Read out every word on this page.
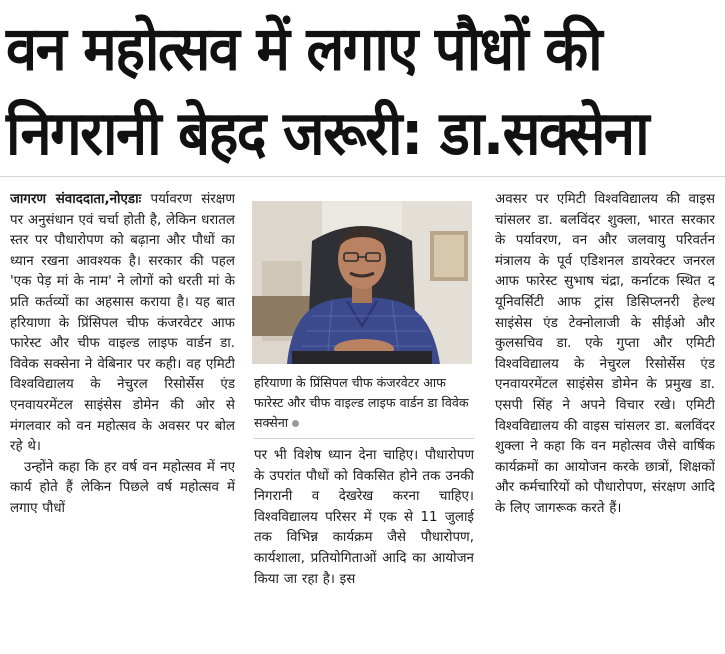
वन महोत्सव में लगाए पौधों की
निगरानी बेहद जरूरी: डा.सक्सेना

जागरण संवाददाता,नोएडाः पर्यावरण संरक्षण पर अनुसंधान एवं चर्चा होती है, लेकिन धरातल स्तर पर पौधारोपण को बढ़ाना और पौधों का ध्यान रखना आवश्यक है। सरकार की पहल 'एक पेड़ मां के नाम' ने लोगों को धरती मां के प्रति कर्तव्यों का अहसास कराया है। यह बात हरियाणा के प्रिंसिपल चीफ कंजरवेटर आफ फारेस्ट और चीफ वाइल्ड लाइफ वार्डन डा. विवेक सक्सेना ने वेबिनार पर कही। वह एमिटी विश्वविद्यालय के नेचुरल रिसोर्सेस एंड एनवायरमेंटल साइंसेस डोमेन की ओर से मंगलवार को वन महोत्सव के अवसर पर बोल रहे थे।

उन्होंने कहा कि हर वर्ष वन महोत्सव में नए कार्य होते हैं लेकिन पिछले वर्ष महोत्सव में लगाए पौधों

हरियाणा के प्रिंसिपल चीफ कंजरवेटर आफ फारेस्ट और चीफ वाइल्ड लाइफ वार्डन डा विवेक सक्सेना

पर भी विशेष ध्यान देना चाहिए। पौधारोपण के उपरांत पौधों को विकसित होने तक उनकी निगरानी व देखरेख करना चाहिए। विश्वविद्यालय परिसर में एक से 11 जुलाई तक विभिन्न कार्यक्रम जैसे पौधारोपण, कार्यशाला, प्रतियोगिताओं आदि का आयोजन किया जा रहा है। इस

अवसर पर एमिटी विश्वविद्यालय की वाइस चांसलर डा. बलविंदर शुक्ला, भारत सरकार के पर्यावरण, वन और जलवायु परिवर्तन मंत्रालय के पूर्व एडिशनल डायरेक्टर जनरल आफ फारेस्ट सुभाष चंद्रा, कर्नाटक स्थित द यूनिवर्सिटी आफ ट्रांस डिसिप्लनरी हेल्थ साइंसेस एंड टेक्नोलाजी के सीईओ और कुलसचिव डा. एके गुप्ता और एमिटी विश्वविद्यालय के नेचुरल रिसोर्सेस एंड एनवायरमेंटल साइंसेस डोमेन के प्रमुख डा. एसपी सिंह ने अपने विचार रखे। एमिटी विश्वविद्यालय की वाइस चांसलर डा. बलविंदर शुक्ला ने कहा कि वन महोत्सव जैसे वार्षिक कार्यक्रमों का आयोजन करके छात्रों, शिक्षकों और कर्मचारियों को पौधारोपण, संरक्षण आदि के लिए जागरूक करते हैं।
